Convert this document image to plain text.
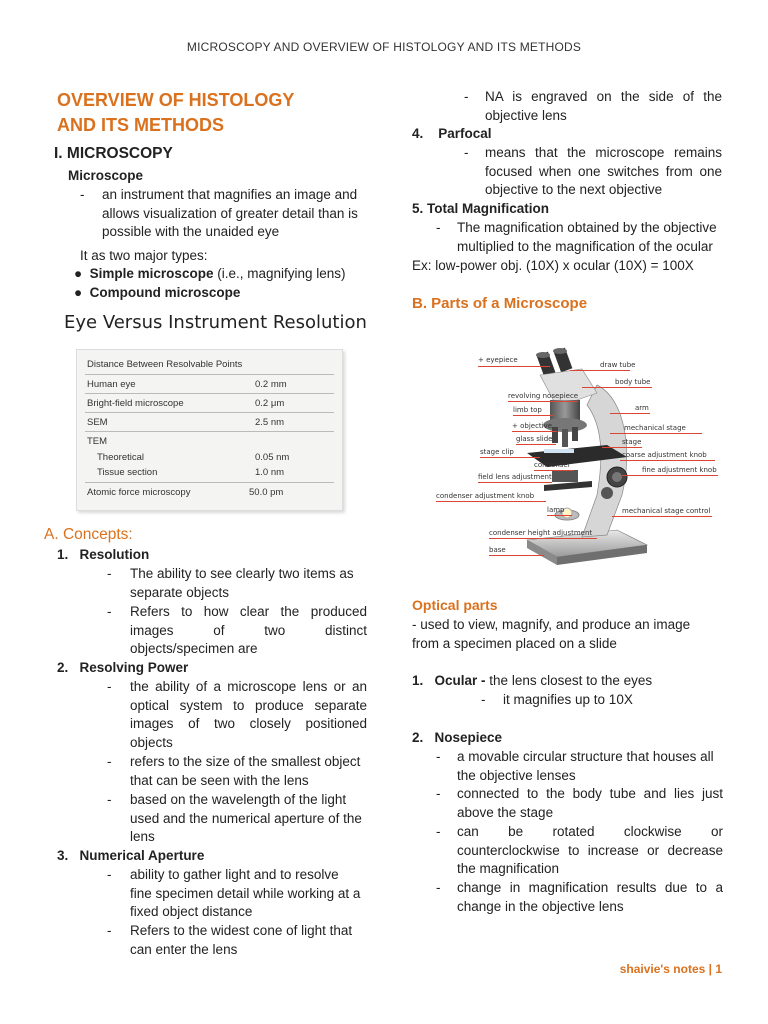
MICROSCOPY AND OVERVIEW OF HISTOLOGY AND ITS METHODS
OVERVIEW OF HISTOLOGY
AND ITS METHODS
I. MICROSCOPY
Microscope
- an instrument that magnifies an image and
allows visualization of greater detail than is
possible with the unaided eye
It as two major types:
●  Simple microscope (i.e., magnifying lens)
●  Compound microscope
Eye Versus Instrument Resolution
Distance Between Resolvable Points
Human eye	0.2 mm
Bright-field microscope	0.2 μm
SEM	2.5 nm
TEM
Theoretical	0.05 nm
Tissue section	1.0 nm
Atomic force microscopy	50.0 pm
A. Concepts:
1. Resolution
- The ability to see clearly two items as
separate objects
- Refers to how clear the produced
images of two distinct
objects/specimen are
2. Resolving Power
- the ability of a microscope lens or an
optical system to produce separate
images of two closely positioned
objects
- refers to the size of the smallest object
that can be seen with the lens
- based on the wavelength of the light
used and the numerical aperture of the
lens
3. Numerical Aperture
- ability to gather light and to resolve
fine specimen detail while working at a
fixed object distance
- Refers to the widest cone of light that
can enter the lens
- NA is engraved on the side of the
objective lens
4. Parfocal
- means that the microscope remains
focused when one switches from one
objective to the next objective
5. Total Magnification
- The magnification obtained by the objective
multiplied to the magnification of the ocular
Ex: low-power obj. (10X) x ocular (10X) = 100X
B. Parts of a Microscope
+ eyepiece
draw tube
body tube
revolving nosepiece
arm
limb top
+ objective	mechanical stage
glass slide	stage
stage clip	coarse adjustment knob
condenser
fine adjustment knob
field lens adjustment
condenser adjustment knob
lamp	mechanical stage control
condenser height adjustment
base
Optical parts
- used to view, magnify, and produce an image
from a specimen placed on a slide
1. Ocular - the lens closest to the eyes
- it magnifies up to 10X
2. Nosepiece
- a movable circular structure that houses all
the objective lenses
- connected to the body tube and lies just
above the stage
- can be rotated clockwise or
counterclockwise to increase or decrease
the magnification
- change in magnification results due to a
change in the objective lens
shaivie's notes | 1
